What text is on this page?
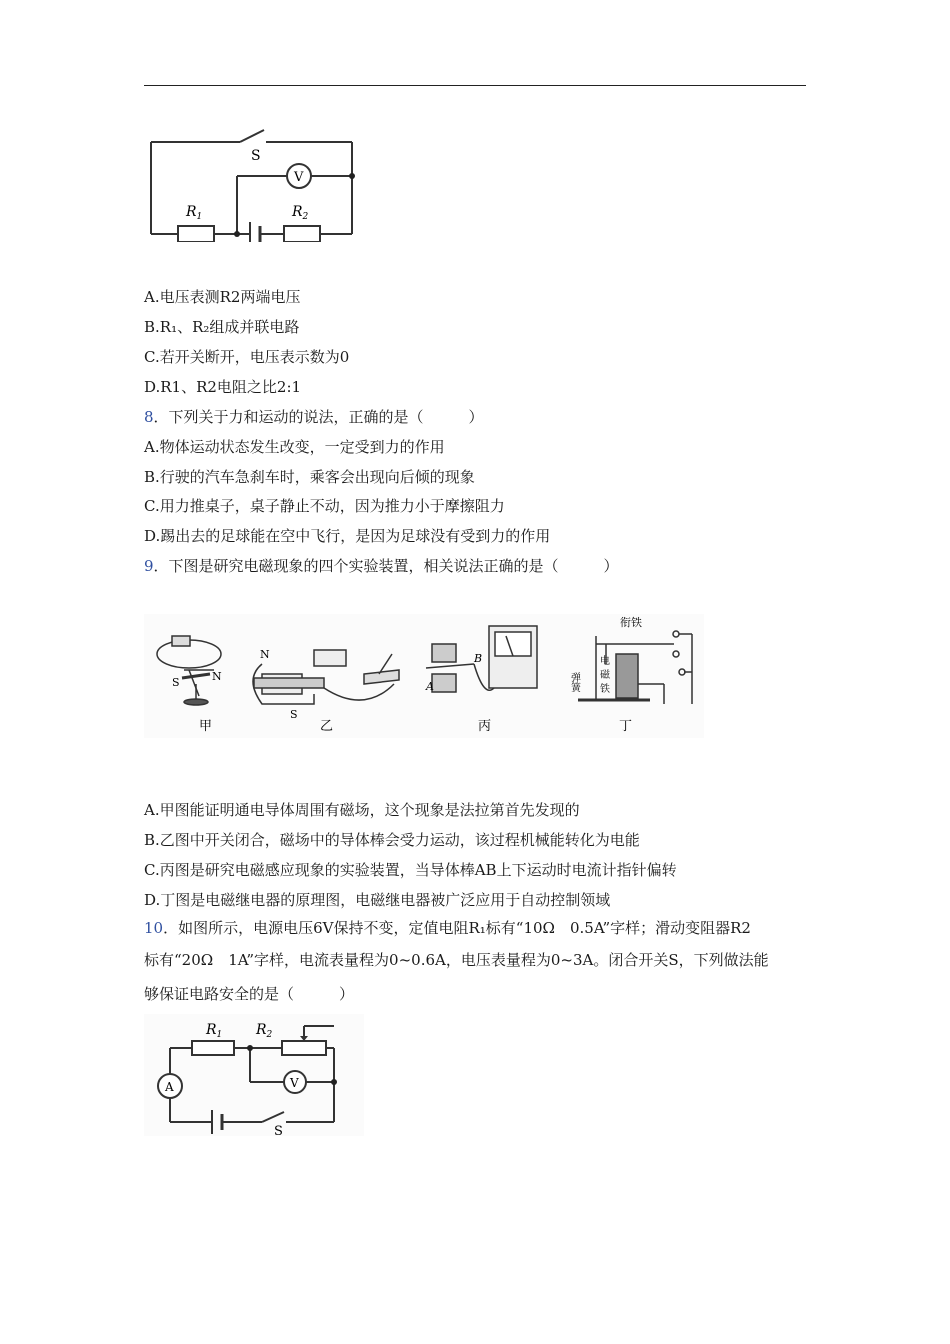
S
V
$R_1$	$R_2$
A.电压表测R2两端电压
B.R₁、R₂组成并联电路
C.若开关断开，电压表示数为0
D.R1、R2电阻之比2:1
8．下列关于力和运动的说法，正确的是（　　　）
A.物体运动状态发生改变，一定受到力的作用
B.行驶的汽车急刹车时，乘客会出现向后倾的现象
C.用力推桌子，桌子静止不动，因为推力小于摩擦阻力
D.踢出去的足球能在空中飞行，是因为足球没有受到力的作用
9．下图是研究电磁现象的四个实验装置，相关说法正确的是（　　　）
S	N
N
S
A
B
衔铁
弹簧
电
磁
铁
甲	乙	丙	丁
A.甲图能证明通电导体周围有磁场，这个现象是法拉第首先发现的
B.乙图中开关闭合，磁场中的导体棒会受力运动，该过程机械能转化为电能
C.丙图是研究电磁感应现象的实验装置，当导体棒AB上下运动时电流计指针偏转
D.丁图是电磁继电器的原理图，电磁继电器被广泛应用于自动控制领域
10．如图所示，电源电压6V保持不变，定值电阻R₁标有“10Ω　0.5A”字样；滑动变阻器R2
标有“20Ω　1A”字样，电流表量程为0~0.6A，电压表量程为0~3A。闭合开关S，下列做法能
够保证电路安全的是（　　　）
$R_1$ $R_2$
A	V
S
